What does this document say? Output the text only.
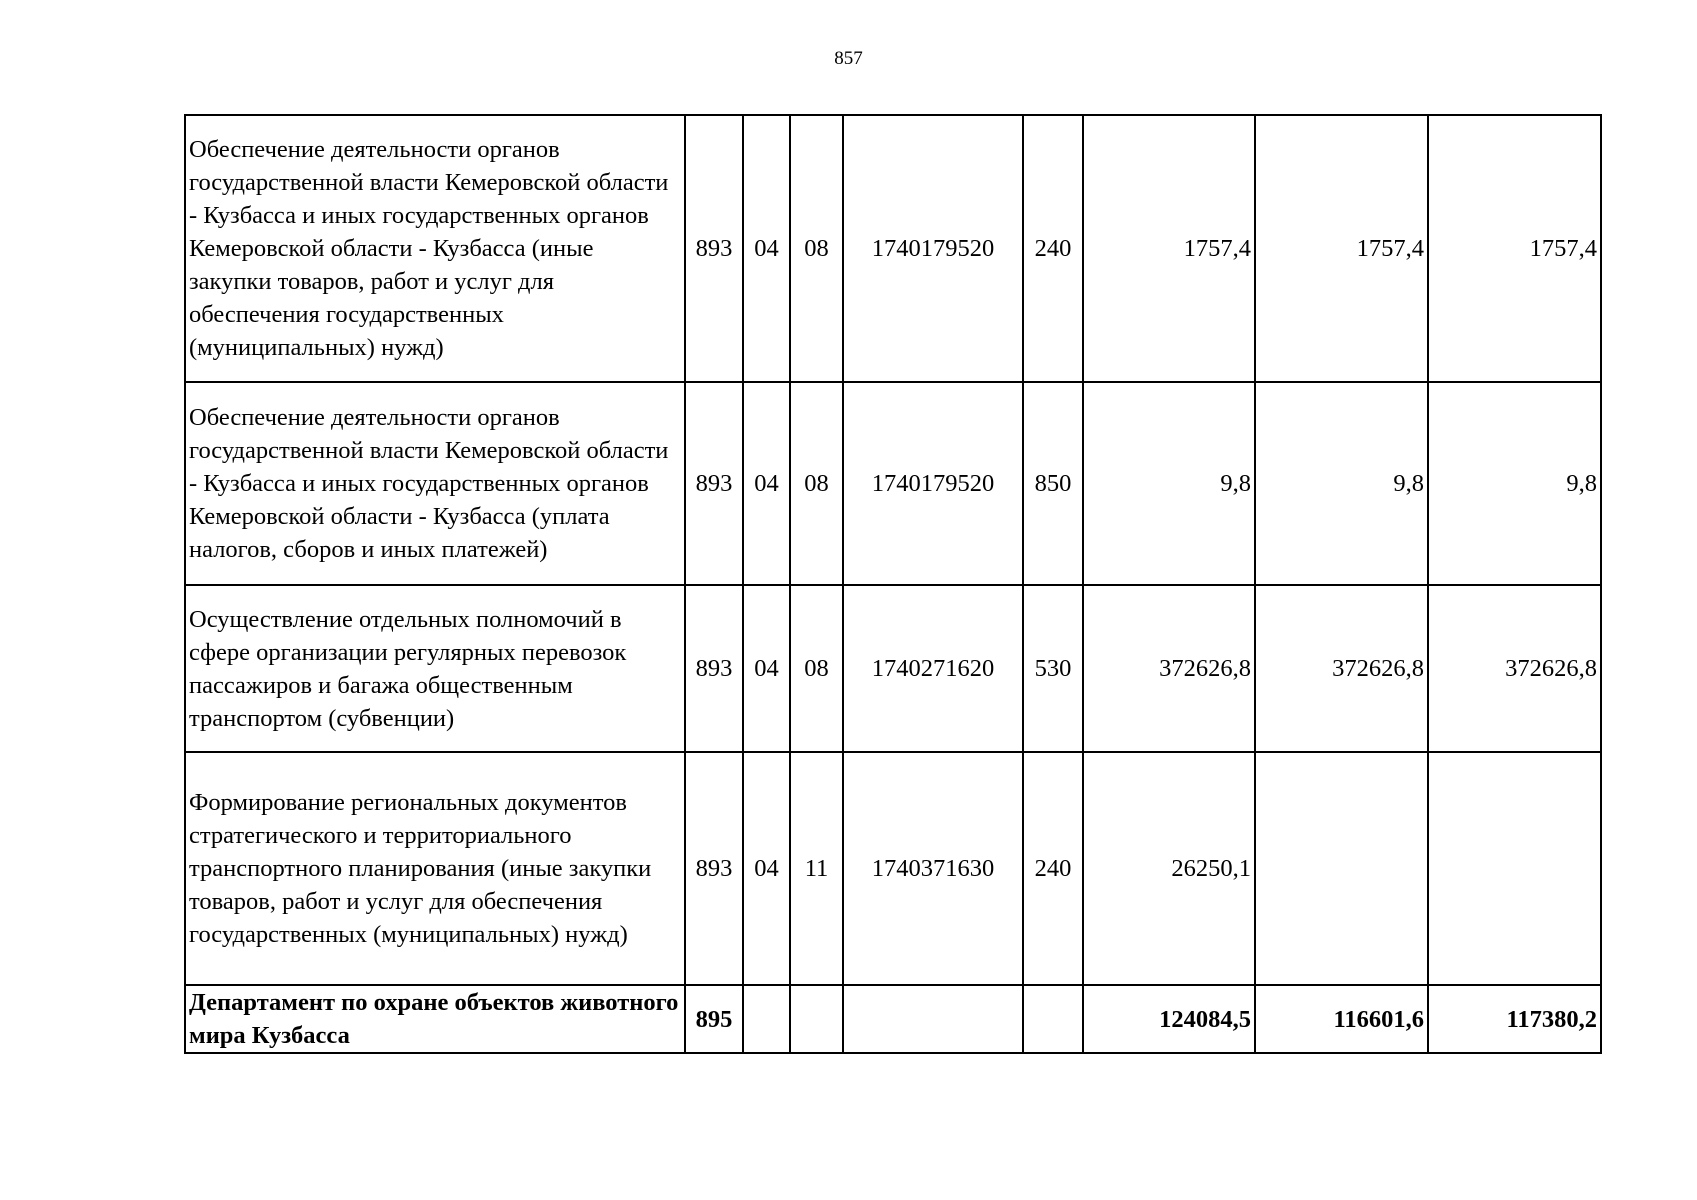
857
Обеспечение деятельности органов государственной власти Кемеровской области - Кузбасса и иных государственных органов Кемеровской области - Кузбасса (иные закупки товаров, работ и услуг для обеспечения государственных (муниципальных) нужд)	893	04	08	1740179520	240	1757,4	1757,4	1757,4
Обеспечение деятельности органов государственной власти Кемеровской области - Кузбасса и иных государственных органов Кемеровской области - Кузбасса (уплата налогов, сборов и иных платежей)	893	04	08	1740179520	850	9,8	9,8	9,8
Осуществление отдельных полномочий в сфере организации регулярных перевозок пассажиров и багажа общественным транспортом (субвенции)	893	04	08	1740271620	530	372626,8	372626,8	372626,8
Формирование региональных документов стратегического и территориального транспортного планирования (иные закупки товаров, работ и услуг для обеспечения государственных (муниципальных) нужд)	893	04	11	1740371630	240	26250,1		
Департамент по охране объектов животного мира Кузбасса	895					124084,5	116601,6	117380,2
